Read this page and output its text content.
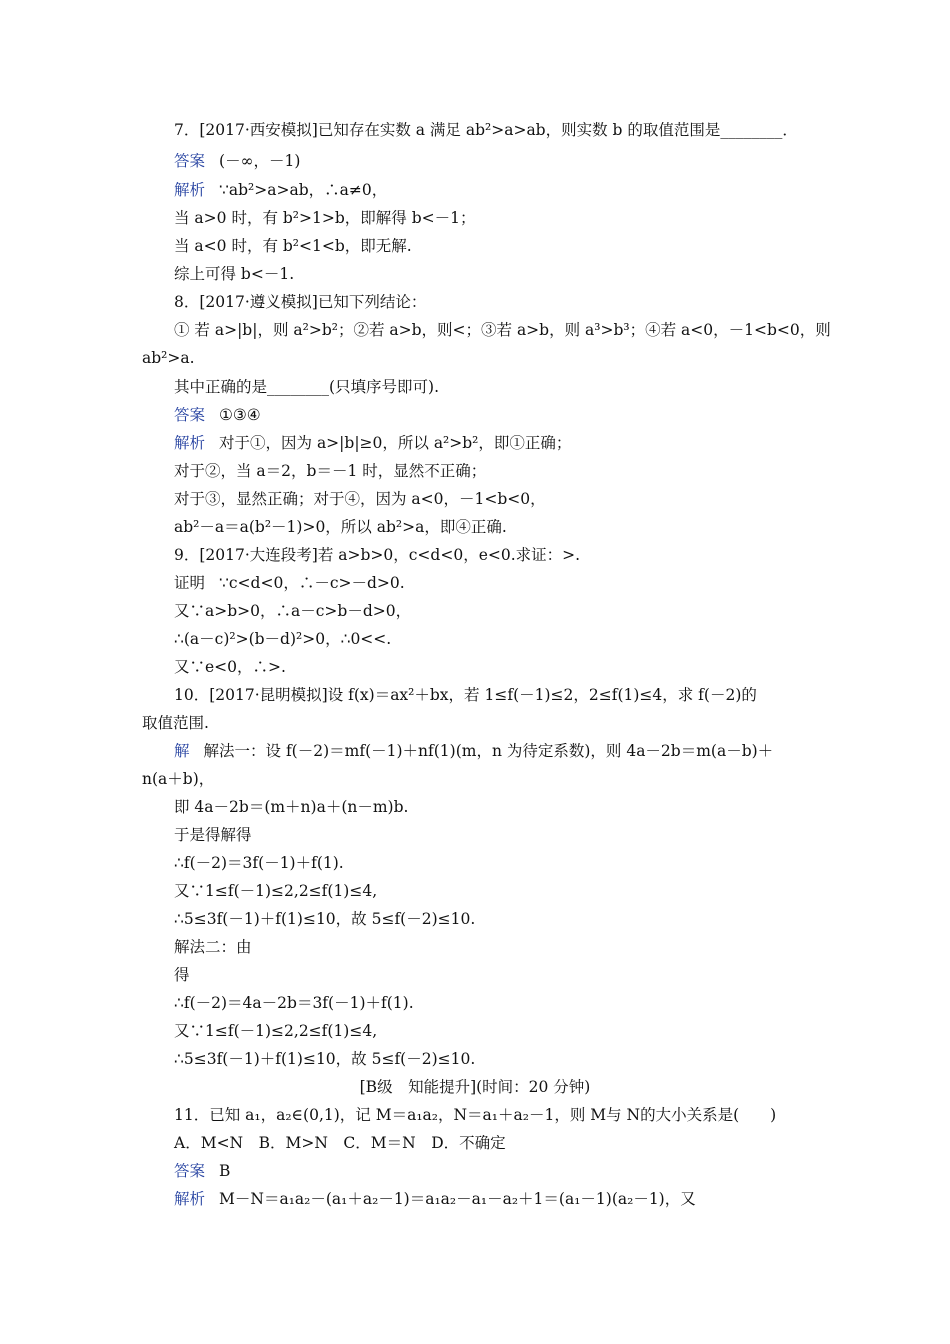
7．[2017·西安模拟]已知存在实数 a 满足 ab²>a>ab，则实数 b 的取值范围是________．
答案 (－∞，－1)
解析 ∵ab²>a>ab，∴a≠0，
当 a>0 时，有 b²>1>b，即解得 b<－1；
当 a<0 时，有 b²<1<b，即无解.
综上可得 b<－1.
8．[2017·遵义模拟]已知下列结论：
① 若 a>|b|，则 a²>b²；②若 a>b，则<；③若 a>b，则 a³>b³；④若 a<0，－1<b<0，则
ab²>a.
其中正确的是________(只填序号即可).
答案 ①③④
解析 对于①，因为 a>|b|≥0，所以 a²>b²，即①正确；
对于②，当 a＝2，b＝－1 时，显然不正确；
对于③，显然正确；对于④，因为 a<0，－1<b<0，
ab²－a＝a(b²－1)>0，所以 ab²>a，即④正确.
9．[2017·大连段考]若 a>b>0，c<d<0，e<0.求证：>.
证明 ∵c<d<0，∴－c>－d>0.
又∵a>b>0，∴a－c>b－d>0，
∴(a－c)²>(b－d)²>0，∴0<<.
又∵e<0，∴>.
10．[2017·昆明模拟]设 f(x)＝ax²＋bx，若 1≤f(－1)≤2，2≤f(1)≤4，求 f(－2)的
取值范围.
解 解法一：设 f(－2)＝mf(－1)＋nf(1)(m，n 为待定系数)，则 4a－2b＝m(a－b)＋
n(a＋b)，
即 4a－2b＝(m＋n)a＋(n－m)b.
于是得解得
∴f(－2)＝3f(－1)＋f(1).
又∵1≤f(－1)≤2,2≤f(1)≤4,
∴5≤3f(－1)＋f(1)≤10，故 5≤f(－2)≤10.
解法二：由
得
∴f(－2)＝4a－2b＝3f(－1)＋f(1).
又∵1≤f(－1)≤2,2≤f(1)≤4,
∴5≤3f(－1)＋f(1)≤10，故 5≤f(－2)≤10.
[B级　知能提升](时间：20 分钟)
11．已知 a₁，a₂∈(0,1)，记 M＝a₁a₂，N＝a₁＋a₂－1，则 M与 N的大小关系是(　　)
A．M<N　B．M>N　C．M＝N　D．不确定
答案 B
解析 M－N＝a₁a₂－(a₁＋a₂－1)＝a₁a₂－a₁－a₂＋1＝(a₁－1)(a₂－1)，又
